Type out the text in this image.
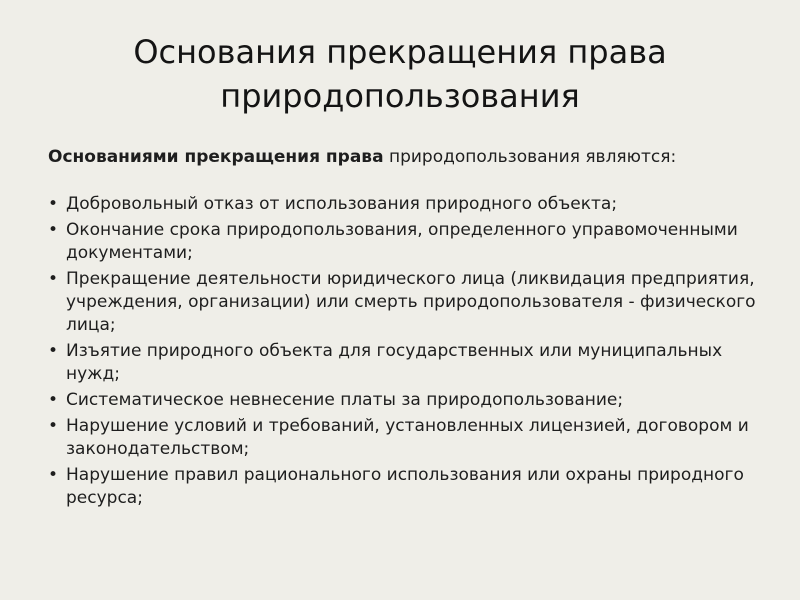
Основания прекращения права природопользования

Основаниями прекращения права природопользования являются:

• Добровольный отказ от использования природного объекта;
• Окончание срока природопользования, определенного управомоченными документами;
• Прекращение деятельности юридического лица (ликвидация предприятия, учреждения, организации) или смерть природопользователя - физического лица;
• Изъятие природного объекта для государственных или муниципальных нужд;
• Систематическое невнесение платы за природопользование;
• Нарушение условий и требований, установленных лицензией, договором и законодательством;
• Нарушение правил рационального использования или охраны природного ресурса;
